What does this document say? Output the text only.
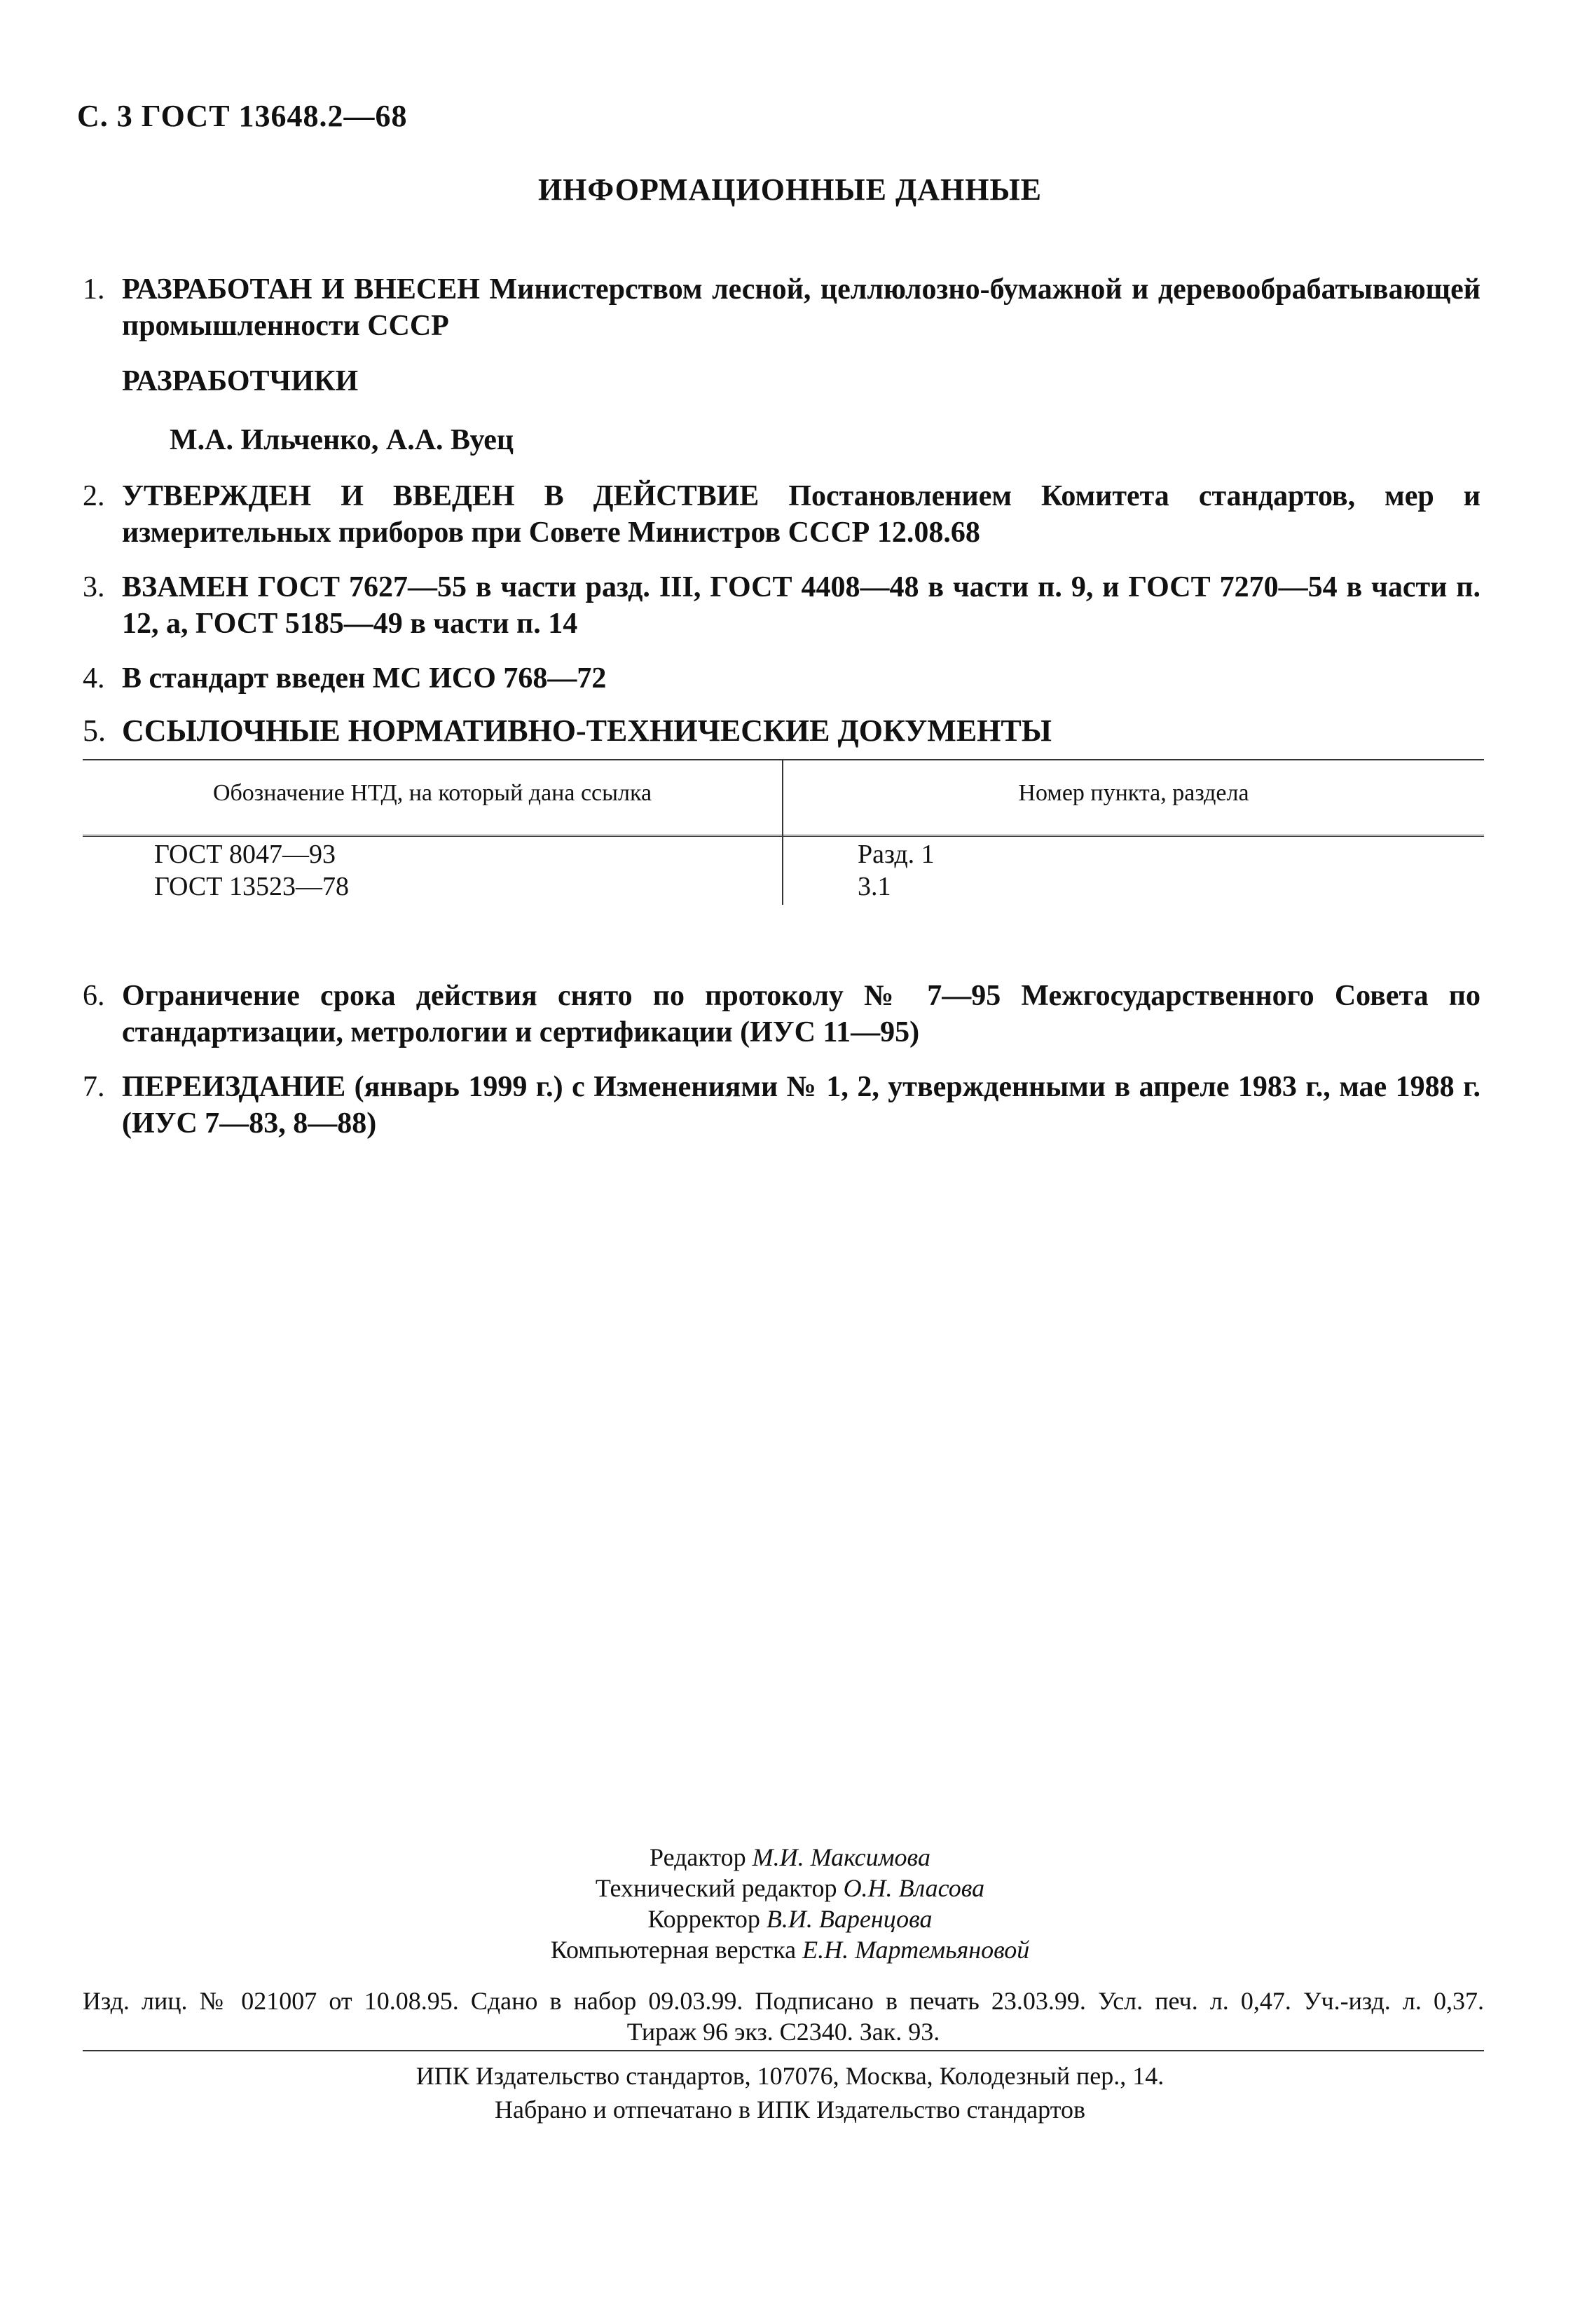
С. 3 ГОСТ 13648.2—68
ИНФОРМАЦИОННЫЕ ДАННЫЕ
1. РАЗРАБОТАН И ВНЕСЕН Министерством лесной, целлюлозно-бумажной и деревообрабатывающей промышленности СССР
РАЗРАБОТЧИКИ
М.А. Ильченко, А.А. Вуец
2. УТВЕРЖДЕН И ВВЕДЕН В ДЕЙСТВИЕ Постановлением Комитета стандартов, мер и измерительных приборов при Совете Министров СССР 12.08.68
3. ВЗАМЕН ГОСТ 7627—55 в части разд. III, ГОСТ 4408—48 в части п. 9, и ГОСТ 7270—54 в части п. 12, а, ГОСТ 5185—49 в части п. 14
4. В стандарт введен МС ИСО 768—72
5. ССЫЛОЧНЫЕ НОРМАТИВНО-ТЕХНИЧЕСКИЕ ДОКУМЕНТЫ
Обозначение НТД, на который дана ссылка	Номер пункта, раздела
ГОСТ 8047—93	Разд. 1
ГОСТ 13523—78	3.1
6. Ограничение срока действия снято по протоколу № 7—95 Межгосударственного Совета по стандартизации, метрологии и сертификации (ИУС 11—95)
7. ПЕРЕИЗДАНИЕ (январь 1999 г.) с Изменениями № 1, 2, утвержденными в апреле 1983 г., мае 1988 г. (ИУС 7—83, 8—88)
Редактор М.И. Максимова
Технический редактор О.Н. Власова
Корректор В.И. Варенцова
Компьютерная верстка Е.Н. Мартемьяновой
Изд. лиц. № 021007 от 10.08.95. Сдано в набор 09.03.99. Подписано в печать 23.03.99. Усл. печ. л. 0,47. Уч.-изд. л. 0,37.
Тираж 96 экз. С2340. Зак. 93.
ИПК Издательство стандартов, 107076, Москва, Колодезный пер., 14.
Набрано и отпечатано в ИПК Издательство стандартов
